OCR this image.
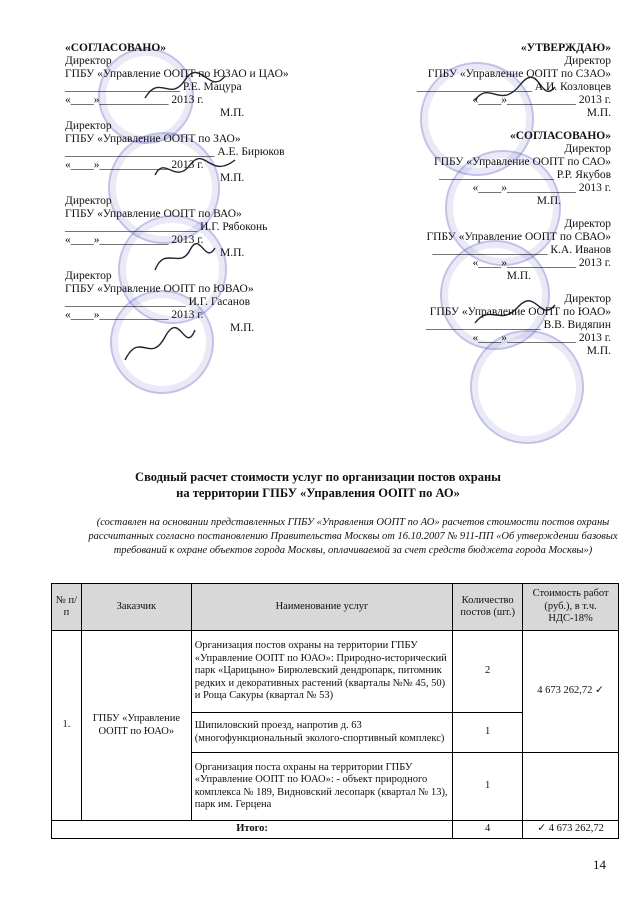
«СОГЛАСОВАНО»
Директор
ГПБУ «Управление ООПТ по ЮЗАО и ЦАО»
____________________ Р.Е. Мацура
«____»____________ 2013 г.
М.П.
Директор
ГПБУ «Управление ООПТ по ЗАО»
__________________________ А.Е. Бирюков
«____»____________ 2013 г.
М.П.
Директор
ГПБУ «Управление ООПТ по ВАО»
_______________________ И.Г. Рябоконь
«____»____________ 2013 г.
М.П.
Директор
ГПБУ «Управление ООПТ по ЮВАО»
_____________________ И.Г. Гасанов
«____»____________ 2013 г.
М.П.
«УТВЕРЖДАЮ»
Директор
ГПБУ «Управление ООПТ по СЗАО»
____________________ А.И. Козловцев
«____»____________ 2013 г.
М.П.
«СОГЛАСОВАНО»
Директор
ГПБУ «Управление ООПТ по САО»
____________________ Р.Р. Якубов
«____»____________ 2013 г.
М.П.
Директор
ГПБУ «Управление ООПТ по СВАО»
____________________ К.А. Иванов
«____»____________ 2013 г.
М.П.
Директор
ГПБУ «Управление ООПТ по ЮАО»
____________________ В.В. Видяпин
«____»____________ 2013 г.
М.П.
Сводный расчет стоимости услуг по организации постов охраны
на территории ГПБУ «Управления ООПТ по АО»
(составлен на основании представленных ГПБУ «Управления ООПТ по АО» расчетов стоимости постов охраны рассчитанных согласно постановлению Правительства Москвы от 16.10.2007 № 911-ПП «Об утверждении базовых требований к охране объектов города Москвы, оплачиваемой за счет средств бюджета города Москвы»)
№ п/п	Заказчик	Наименование услуг	Количество постов (шт.)	Стоимость работ (руб.), в т.ч. НДС-18%
1.	ГПБУ «Управление ООПТ по ЮАО»	Организация постов охраны на территории ГПБУ «Управление ООПТ по ЮАО»: Природно-исторический парк «Царицыно» Бирюлевский дендропарк, питомник редких и декоративных растений (кварталы №№ 45, 50) и Роща Сакуры (квартал № 53)	2	4 673 262,72 ✓
		Шипиловский проезд, напротив д. 63 (многофункциональный эколого-спортивный комплекс)	1	
		Организация поста охраны на территории ГПБУ «Управление ООПТ по ЮАО»: - объект природного комплекса № 189, Видновский лесопарк (квартал № 13), парк им. Герцена	1	
Итого:			4	✓ 4 673 262,72
14
